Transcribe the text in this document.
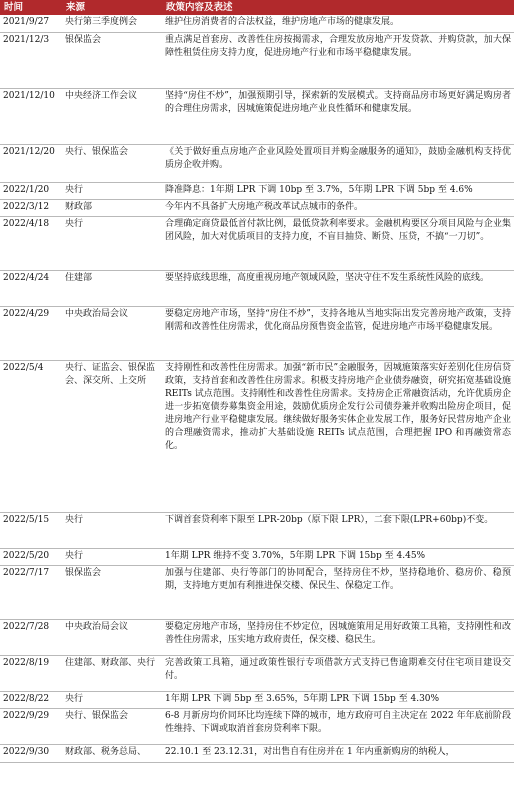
时间	来源	政策内容及表述
2021/9/27	央行第三季度例会	维护住房消费者的合法权益，维护房地产市场的健康发展。
2021/12/3	银保监会	重点满足首套房、改善性住房按揭需求，合理发放房地产开发贷款、并购贷款，加大保障性租赁住房支持力度，促进房地产行业和市场平稳健康发展。
2021/12/10	中央经济工作会议	坚持“房住不炒”，加强预期引导，探索新的发展模式。支持商品房市场更好满足购房者的合理住房需求，因城施策促进房地产业良性循环和健康发展。
2021/12/20	央行、银保监会	《关于做好重点房地产企业风险处置项目并购金融服务的通知》，鼓励金融机构支持优质房企收并购。
2022/1/20	央行	降准降息：1年期 LPR 下调 10bp 至 3.7%，5年期 LPR 下调 5bp 至 4.6%
2022/3/12	财政部	今年内不具备扩大房地产税改革试点城市的条件。
2022/4/18	央行	合理确定商贷最低首付款比例，最低贷款利率要求。金融机构要区分项目风险与企业集团风险，加大对优质项目的支持力度，不盲目抽贷、断贷、压贷，不搞“一刀切”。
2022/4/24	住建部	要坚持底线思维，高度重视房地产领域风险，坚决守住不发生系统性风险的底线。
2022/4/29	中央政治局会议	要稳定房地产市场，坚持“房住不炒”，支持各地从当地实际出发完善房地产政策，支持刚需和改善性住房需求，优化商品房预售资金监管，促进房地产市场平稳健康发展。
2022/5/4	央行、证监会、银保监会、深交所、上交所	支持刚性和改善性住房需求。加强“新市民”金融服务，因城施策落实好差别化住房信贷政策，支持首套和改善性住房需求。积极支持房地产企业债券融资，研究拓宽基础设施 REITs 试点范围。支持刚性和改善性住房需求。支持房企正常融资活动，允许优质房企进一步拓宽债券募集资金用途，鼓励优质房企发行公司债券兼并收购出险房企项目，促进房地产行业平稳健康发展。继续做好服务实体企业发展工作，服务好民营房地产企业的合理融资需求，推动扩大基础设施 REITs 试点范围，合理把握 IPO 和再融资常态化。
2022/5/15	央行	下调首套贷利率下限至 LPR-20bp（原下限 LPR），二套下限(LPR+60bp)不变。
2022/5/20	央行	1年期 LPR 维持不变 3.70%，5年期 LPR 下调 15bp 至 4.45%
2022/7/17	银保监会	加强与住建部、央行等部门的协同配合，坚持房住不炒，坚持稳地价、稳房价、稳预期，支持地方更加有利推进保交楼、保民生、保稳定工作。
2022/7/28	中央政治局会议	要稳定房地产市场，坚持房住不炒定位，因城施策用足用好政策工具箱，支持刚性和改善性住房需求，压实地方政府责任，保交楼、稳民生。
2022/8/19	住建部、财政部、央行	完善政策工具箱，通过政策性银行专项借款方式支持已售逾期难交付住宅项目建设交付。
2022/8/22	央行	1年期 LPR 下调 5bp 至 3.65%，5年期 LPR 下调 15bp 至 4.30%
2022/9/29	央行、银保监会	6-8 月新房均价同环比均连续下降的城市，地方政府可自主决定在 2022 年年底前阶段性维持、下调或取消首套房贷利率下限。
2022/9/30	财政部、税务总局、	22.10.1 至 23.12.31，对出售自有住房并在 1 年内重新购房的纳税人，
